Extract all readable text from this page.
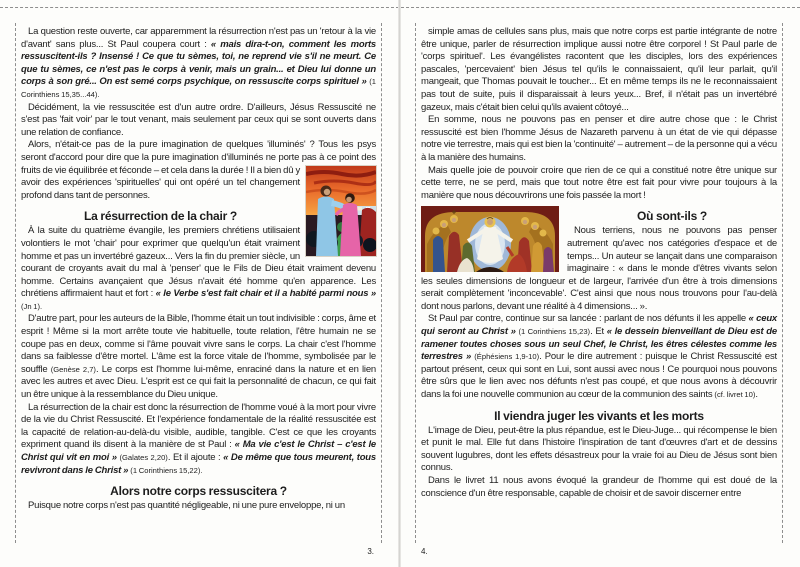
La question reste ouverte, car apparemment la résurrection n'est pas un 'retour à la vie d'avant' sans plus... St Paul coupera court : « mais dira-t-on, comment les morts ressuscitent-ils ? Insensé ! Ce que tu sèmes, toi, ne reprend vie s'il ne meurt. Ce que tu sèmes, ce n'est pas le corps à venir, mais un grain... et Dieu lui donne un corps à son gré... On est semé corps psychique, on ressuscite corps spirituel » (1 Corinthiens 15,35...44).

Décidément, la vie ressuscitée est d'un autre ordre. D'ailleurs, Jésus Ressuscité ne s'est pas 'fait voir' par le tout venant, mais seulement par ceux qui se sont ouverts dans une relation de confiance.

Alors, n'était-ce pas de la pure imagination de quelques 'illuminés' ? Tous les psys seront d'accord pour dire que la pure imagination d'illuminés ne porte pas à ce point des fruits de vie équilibrée et féconde – et cela dans la durée ! Il a bien dû
y avoir des expériences 'spirituelles' qui ont opéré un tel changement profond dans tant de personnes.

La résurrection de la chair ?

À la suite du quatrième évangile, les premiers chrétiens utilisaient volontiers le mot 'chair' pour exprimer que quelqu'un était vraiment homme et pas un invertébré gazeux... Vers la fin du premier siècle, un courant de croyants avait du mal à 'penser' que le Fils de Dieu était vraiment devenu homme. Certains avançaient que Jésus n'avait été homme qu'en apparence. Les chrétiens affirmaient haut et fort : « le Verbe s'est fait chair et il a habité parmi nous » (Jn 1).

D'autre part, pour les auteurs de la Bible, l'homme était un tout indivisible : corps, âme et esprit ! Même si la mort arrête toute vie habituelle, toute relation, l'être humain ne se coupe pas en deux, comme si l'âme pouvait vivre sans le corps. La chair c'est l'homme dans sa faiblesse d'être mortel. L'âme est la force vitale de l'homme, symbolisée par le souffle (Genèse 2,7). Le corps est l'homme lui-même, enraciné dans la nature et en lien avec les autres et avec Dieu. L'esprit est ce qui fait la personnalité de chacun, ce qui fait un être unique à la ressemblance du Dieu unique.

La résurrection de la chair est donc la résurrection de l'homme voué à la mort pour vivre de la vie du Christ Ressuscité. Et l'expérience fondamentale de la réalité ressuscitée est la capacité de relation-au-delà-du visible, audible, tangible. C'est ce que les croyants expriment quand ils disent à la manière de st Paul : « Ma vie c'est le Christ – c'est le Christ qui vit en moi » (Galates 2,20). Et il ajoute : « De même que tous meurent, tous revivront dans le Christ » (1 Corinthiens 15,22).

Alors notre corps ressuscitera ?

Puisque notre corps n'est pas quantité négligeable, ni une pure enveloppe, ni un

3.

simple amas de cellules sans plus, mais que notre corps est partie intégrante de notre être unique, parler de résurrection implique aussi notre être corporel ! St Paul parle de 'corps spirituel'. Les évangélistes racontent que les disciples, lors des expériences pascales, 'percevaient' bien Jésus tel qu'ils le connaissaient, qu'il leur parlait, qu'il mangeait, que Thomas pouvait le toucher... Et en même temps ils ne le reconnaissaient pas tout de suite, puis il disparaissait à leurs yeux... Bref, il n'était pas un invertébré gazeux, mais c'était bien celui qu'ils avaient côtoyé...

En somme, nous ne pouvons pas en penser et dire autre chose que : le Christ ressuscité est bien l'homme Jésus de Nazareth parvenu à un état de vie qui dépasse notre vie terrestre, mais qui est bien la 'continuité' – autrement – de la personne qui a vécu à la manière des humains.

Mais quelle joie de pouvoir croire que rien de ce qui a constitué notre être unique sur cette terre, ne se perd, mais que tout notre être est fait pour vivre pour toujours à la manière que nous découvrirons une fois passée la mort !

Où sont-ils ?

Nous terriens, nous ne pouvons pas penser autrement qu'avec nos catégories d'espace et de temps... Un auteur se lançait dans une comparaison imaginaire : « dans le monde d'êtres vivants selon les seules dimensions de longueur et de largeur, l'arrivée d'un être à trois dimensions serait complètement 'inconcevable'. C'est ainsi que nous nous trouvons pour l'au-delà dont nous parlons, devant une réalité à 4 dimensions... ».

St Paul par contre, continue sur sa lancée : parlant de nos défunts il les appelle « ceux qui seront au Christ » (1 Corinthiens 15,23). Et « le dessein bienveillant de Dieu est de ramener toutes choses sous un seul Chef, le Christ, les êtres célestes comme les terrestres » (Éphésiens 1,9-10). Pour le dire autrement : puisque le Christ Ressuscité est partout présent, ceux qui sont en Lui, sont aussi avec nous ! Ce pourquoi nous pouvons être sûrs que le lien avec nos défunts n'est pas coupé, et que nous avons à découvrir dans la foi une nouvelle communion au cœur de la communion des saints (cf. livret 10).

Il viendra juger les vivants et les morts

L'image de Dieu, peut-être la plus répandue, est le Dieu-Juge... qui récompense le bien et punit le mal. Elle fut dans l'histoire l'inspiration de tant d'œuvres d'art et de dessins souvent lugubres, dont les effets désastreux pour la vraie foi au Dieu de Jésus sont bien connus.

Dans le livret 11 nous avons évoqué la grandeur de l'homme qui est doué de la conscience d'un être responsable, capable de choisir et de savoir discerner entre

4.
